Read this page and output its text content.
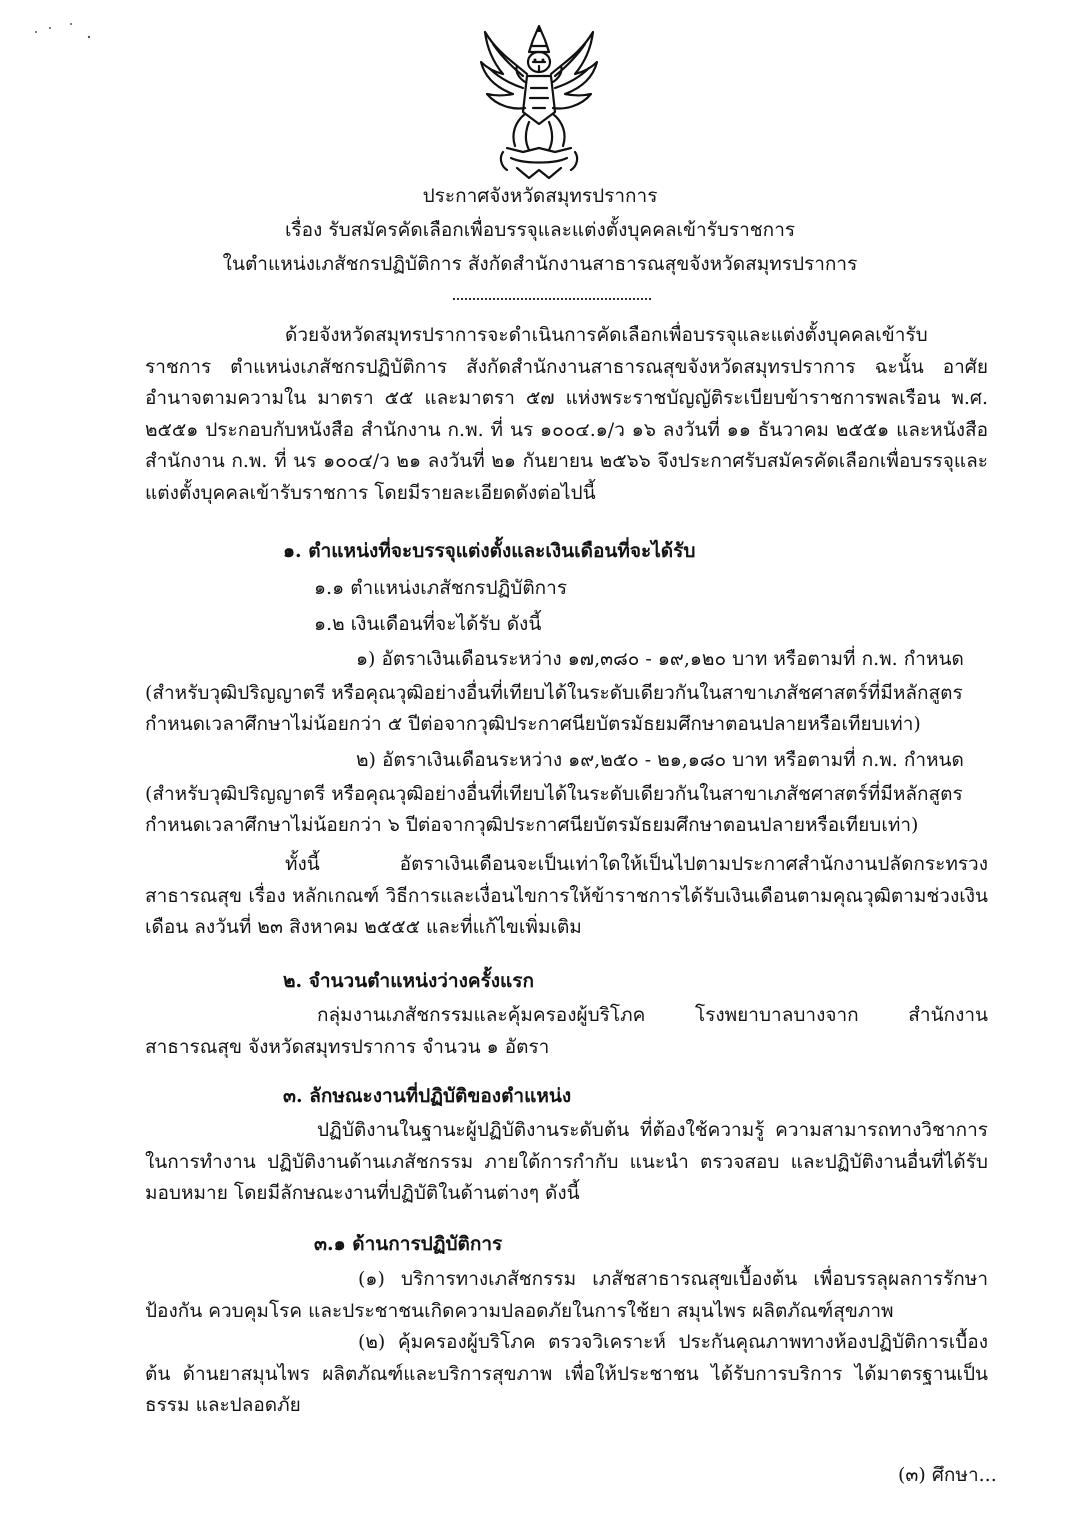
ประกาศจังหวัดสมุทรปราการ
เรื่อง รับสมัครคัดเลือกเพื่อบรรจุและแต่งตั้งบุคคลเข้ารับราชการ
ในตำแหน่งเภสัชกรปฏิบัติการ สังกัดสำนักงานสาธารณสุขจังหวัดสมุทรปราการ

ด้วยจังหวัดสมุทรปราการจะดำเนินการคัดเลือกเพื่อบรรจุและแต่งตั้งบุคคลเข้ารับราชการ ตำแหน่งเภสัชกรปฏิบัติการ สังกัดสำนักงานสาธารณสุขจังหวัดสมุทรปราการ ฉะนั้น อาศัยอำนาจตามความใน มาตรา ๕๕ และมาตรา ๕๗ แห่งพระราชบัญญัติระเบียบข้าราชการพลเรือน พ.ศ. ๒๕๕๑ ประกอบกับหนังสือ สำนักงาน ก.พ. ที่ นร ๑๐๐๔.๑/ว ๑๖ ลงวันที่ ๑๑ ธันวาคม ๒๕๕๑ และหนังสือสำนักงาน ก.พ. ที่ นร ๑๐๐๔/ว ๒๑ ลงวันที่ ๒๑ กันยายน ๒๕๖๖ จึงประกาศรับสมัครคัดเลือกเพื่อบรรจุและแต่งตั้งบุคคลเข้ารับราชการ โดยมีรายละเอียดดังต่อไปนี้

๑. ตำแหน่งที่จะบรรจุแต่งตั้งและเงินเดือนที่จะได้รับ
๑.๑ ตำแหน่งเภสัชกรปฏิบัติการ
๑.๒ เงินเดือนที่จะได้รับ ดังนี้
๑) อัตราเงินเดือนระหว่าง ๑๗,๓๘๐ - ๑๙,๑๒๐ บาท หรือตามที่ ก.พ. กำหนด
(สำหรับวุฒิปริญญาตรี หรือคุณวุฒิอย่างอื่นที่เทียบได้ในระดับเดียวกันในสาขาเภสัชศาสตร์ที่มีหลักสูตร
กำหนดเวลาศึกษาไม่น้อยกว่า ๕ ปีต่อจากวุฒิประกาศนียบัตรมัธยมศึกษาตอนปลายหรือเทียบเท่า)
๒) อัตราเงินเดือนระหว่าง ๑๙,๒๕๐ - ๒๑,๑๘๐ บาท หรือตามที่ ก.พ. กำหนด
(สำหรับวุฒิปริญญาตรี หรือคุณวุฒิอย่างอื่นที่เทียบได้ในระดับเดียวกันในสาขาเภสัชศาสตร์ที่มีหลักสูตร
กำหนดเวลาศึกษาไม่น้อยกว่า ๖ ปีต่อจากวุฒิประกาศนียบัตรมัธยมศึกษาตอนปลายหรือเทียบเท่า)

ทั้งนี้ อัตราเงินเดือนจะเป็นเท่าใดให้เป็นไปตามประกาศสำนักงานปลัดกระทรวงสาธารณสุข เรื่อง หลักเกณฑ์ วิธีการและเงื่อนไขการให้ข้าราชการได้รับเงินเดือนตามคุณวุฒิตามช่วงเงินเดือน ลงวันที่ ๒๓ สิงหาคม ๒๕๕๕ และที่แก้ไขเพิ่มเติม

๒. จำนวนตำแหน่งว่างครั้งแรก

กลุ่มงานเภสัชกรรมและคุ้มครองผู้บริโภค โรงพยาบาลบางจาก สำนักงานสาธารณสุข จังหวัดสมุทรปราการ จำนวน ๑ อัตรา

๓. ลักษณะงานที่ปฏิบัติของตำแหน่ง

ปฏิบัติงานในฐานะผู้ปฏิบัติงานระดับต้น ที่ต้องใช้ความรู้ ความสามารถทางวิชาการ ในการทำงาน ปฏิบัติงานด้านเภสัชกรรม ภายใต้การกำกับ แนะนำ ตรวจสอบ และปฏิบัติงานอื่นที่ได้รับ มอบหมาย โดยมีลักษณะงานที่ปฏิบัติในด้านต่างๆ ดังนี้

๓.๑ ด้านการปฏิบัติการ

(๑) บริการทางเภสัชกรรม เภสัชสาธารณสุขเบื้องต้น เพื่อบรรลุผลการรักษา ป้องกัน ควบคุมโรค และประชาชนเกิดความปลอดภัยในการใช้ยา สมุนไพร ผลิตภัณฑ์สุขภาพ

(๒) คุ้มครองผู้บริโภค ตรวจวิเคราะห์ ประกันคุณภาพทางห้องปฏิบัติการเบื้องต้น ด้านยาสมุนไพร ผลิตภัณฑ์และบริการสุขภาพ เพื่อให้ประชาชน ได้รับการบริการ ได้มาตรฐานเป็นธรรม และปลอดภัย

(๓) ศึกษา...
